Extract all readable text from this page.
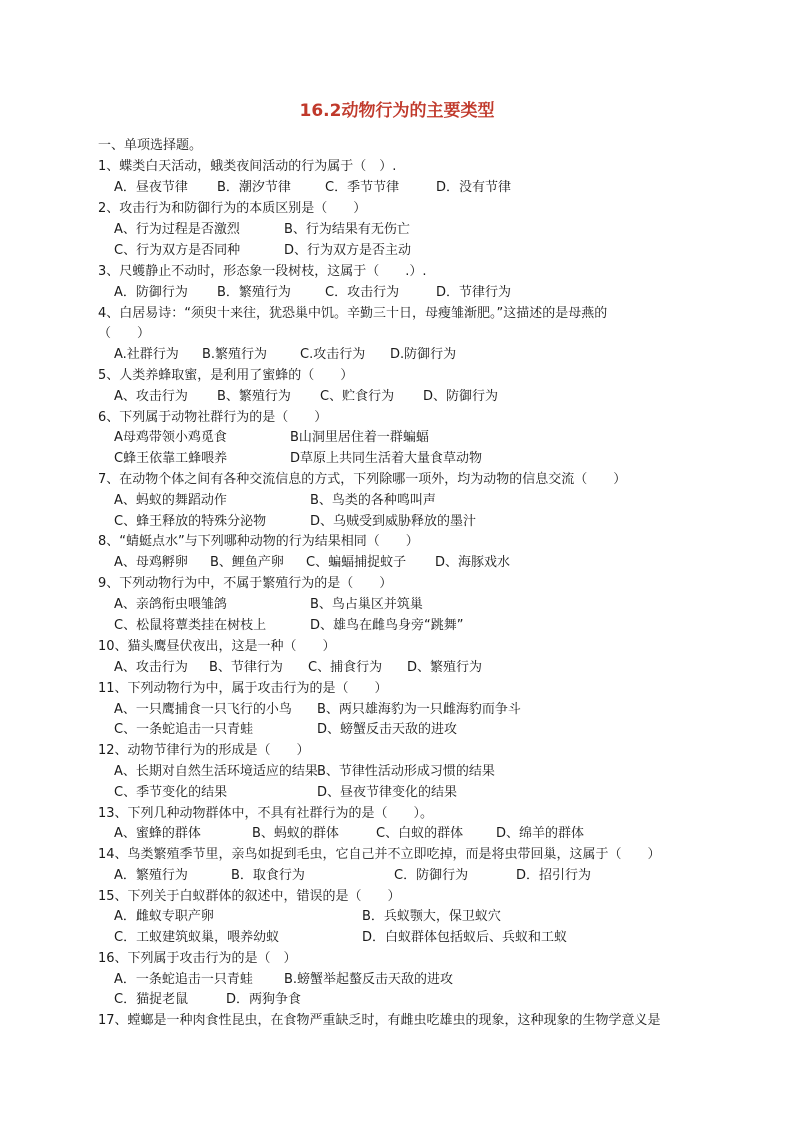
16.2动物行为的主要类型
一、单项选择题。
1、蝶类白天活动，蛾类夜间活动的行为属于（　）.
A．昼夜节律 B．潮汐节律	C．季节节律	D．没有节律
2、攻击行为和防御行为的本质区别是（　　）
A、行为过程是否激烈	B、行为结果有无伤亡
C、行为双方是否同种	D、行为双方是否主动
3、尺蠖静止不动时，形态象一段树枝，这属于（　　.）.
A．防御行为 B．繁殖行为	C．攻击行为	D．节律行为
4、白居易诗：“须臾十来往，犹恐巢中饥。辛勤三十日，母瘦雏渐肥。”这描述的是母燕的
（　　）
A.社群行为 B.繁殖行为	C.攻击行为 D.防御行为
5、人类养蜂取蜜，是利用了蜜蜂的（　　）
A、攻击行为 B、繁殖行为 C、贮食行为 D、防御行为
6、下列属于动物社群行为的是（　　）
A母鸡带领小鸡觅食	B山洞里居住着一群蝙蝠
C蜂王依靠工蜂喂养	D草原上共同生活着大量食草动物
7、在动物个体之间有各种交流信息的方式，下列除哪一项外，均为动物的信息交流（　　）
A、蚂蚁的舞蹈动作	B、鸟类的各种鸣叫声
C、蜂王释放的特殊分泌物	D、乌贼受到威胁释放的墨汁
8、“蜻蜓点水”与下列哪种动物的行为结果相同（　　）
A、母鸡孵卵 B、鲤鱼产卵 C、蝙蝠捕捉蚊子 D、海豚戏水
9、下列动物行为中，不属于繁殖行为的是（　　）
A、亲鸽衔虫喂雏鸽	B、鸟占巢区并筑巢
C、松鼠将蕈类挂在树枝上	D、雄鸟在雌鸟身旁“跳舞”
10、猫头鹰昼伏夜出，这是一种（　　）
A、攻击行为 B、节律行为 C、捕食行为 D、繁殖行为
11、下列动物行为中，属于攻击行为的是（　　）
A、一只鹰捕食一只飞行的小鸟 B、两只雄海豹为一只雌海豹而争斗
C、一条蛇追击一只青蛙	D、螃蟹反击天敌的进攻
12、动物节律行为的形成是（　　）
A、长期对自然生活环境适应的结果 B、节律性活动形成习惯的结果
C、季节变化的结果	D、昼夜节律变化的结果
13、下列几种动物群体中，不具有社群行为的是（　　）。
A、蜜蜂的群体	B、蚂蚁的群体	C、白蚁的群体	D、绵羊的群体
14、鸟类繁殖季节里，亲鸟如捉到毛虫，它自己并不立即吃掉，而是将虫带回巢，这属于（　　）
A．繁殖行为	B．取食行为	C．防御行为	D．招引行为
15、下列关于白蚁群体的叙述中，错误的是（　　）
A．雌蚁专职产卵	B．兵蚁颚大，保卫蚁穴
C．工蚁建筑蚁巢，喂养幼蚁	D．白蚁群体包括蚁后、兵蚁和工蚁
16、下列属于攻击行为的是（　）
A．一条蛇追击一只青蛙 B.螃蟹举起螯反击天敌的进攻
C．猫捉老鼠	D．两狗争食
17、螳螂是一种肉食性昆虫，在食物严重缺乏时，有雌虫吃雄虫的现象，这种现象的生物学意义是
